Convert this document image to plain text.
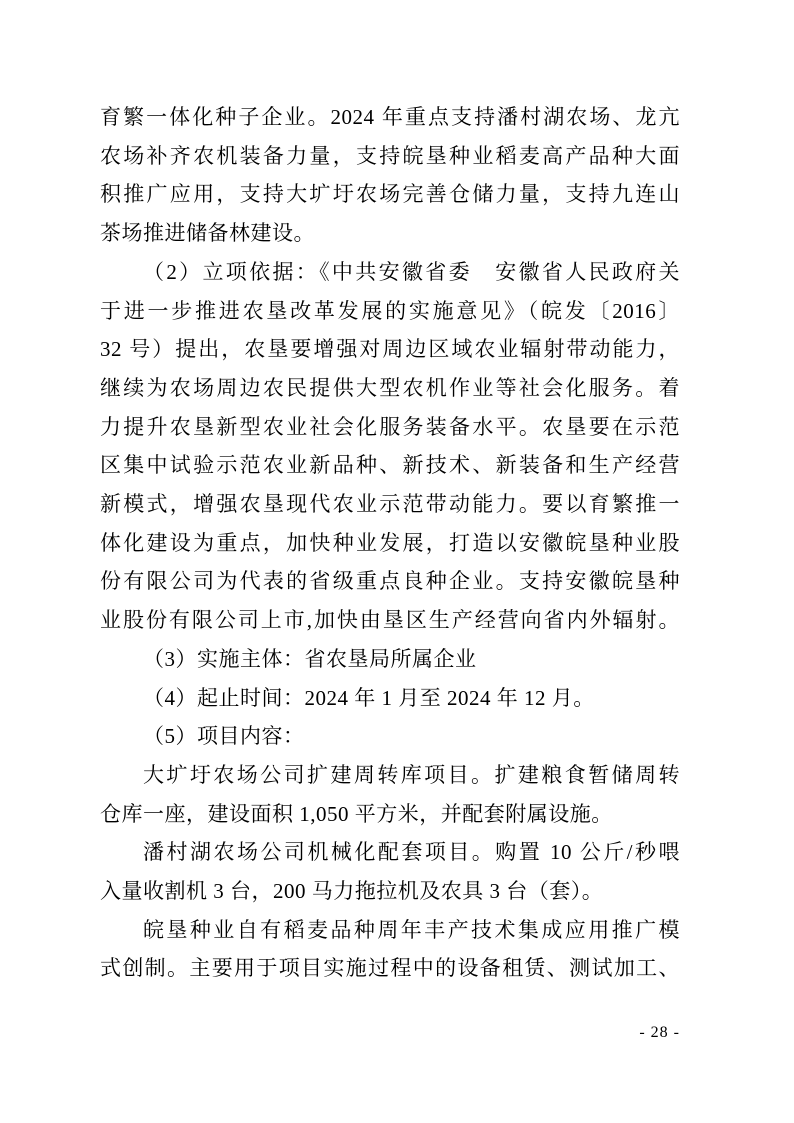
育繁一体化种子企业。2024 年重点支持潘村湖农场、龙亢
农场补齐农机装备力量，支持皖垦种业稻麦高产品种大面
积推广应用，支持大圹圩农场完善仓储力量，支持九连山
茶场推进储备林建设。
（2）立项依据：《中共安徽省委　安徽省人民政府关
于进一步推进农垦改革发展的实施意见》（皖发〔2016〕
32 号）提出，农垦要增强对周边区域农业辐射带动能力，
继续为农场周边农民提供大型农机作业等社会化服务。着
力提升农垦新型农业社会化服务装备水平。农垦要在示范
区集中试验示范农业新品种、新技术、新装备和生产经营
新模式，增强农垦现代农业示范带动能力。要以育繁推一
体化建设为重点，加快种业发展，打造以安徽皖垦种业股
份有限公司为代表的省级重点良种企业。支持安徽皖垦种
业股份有限公司上市,加快由垦区生产经营向省内外辐射。
（3）实施主体：省农垦局所属企业
（4）起止时间：2024 年 1 月至 2024 年 12 月。
（5）项目内容：
大圹圩农场公司扩建周转库项目。扩建粮食暂储周转
仓库一座，建设面积 1,050 平方米，并配套附属设施。
潘村湖农场公司机械化配套项目。购置 10 公斤/秒喂
入量收割机 3 台，200 马力拖拉机及农具 3 台（套）。
皖垦种业自有稻麦品种周年丰产技术集成应用推广模
式创制。主要用于项目实施过程中的设备租赁、测试加工、
- 28 -
